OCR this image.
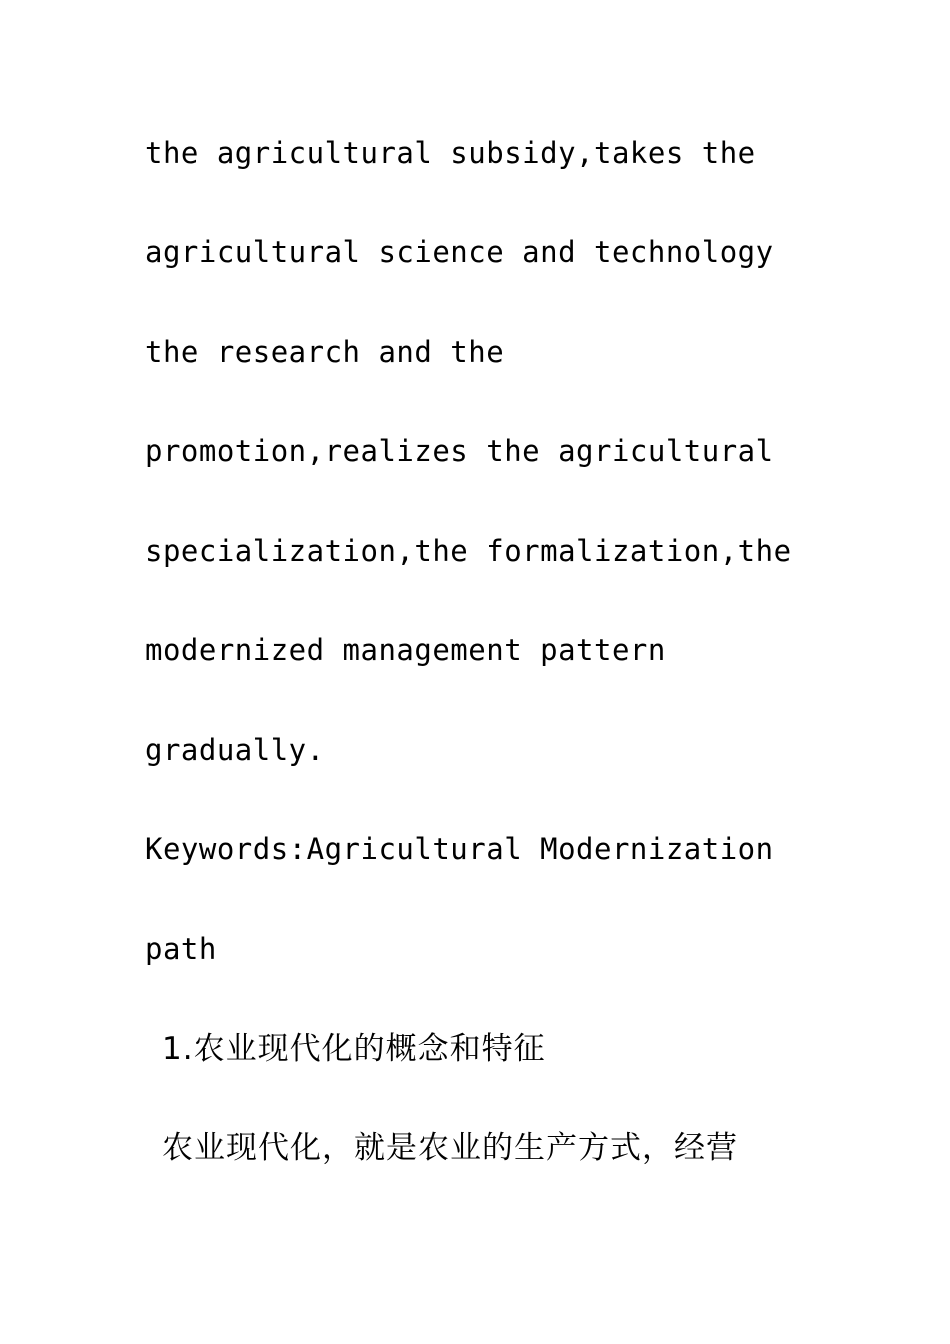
the agricultural subsidy,takes the
agricultural science and technology
the research and the
promotion,realizes the agricultural
specialization,the formalization,the
modernized management pattern
gradually.
Keywords:Agricultural Modernization
path
1.农业现代化的概念和特征
农业现代化，就是农业的生产方式，经营
